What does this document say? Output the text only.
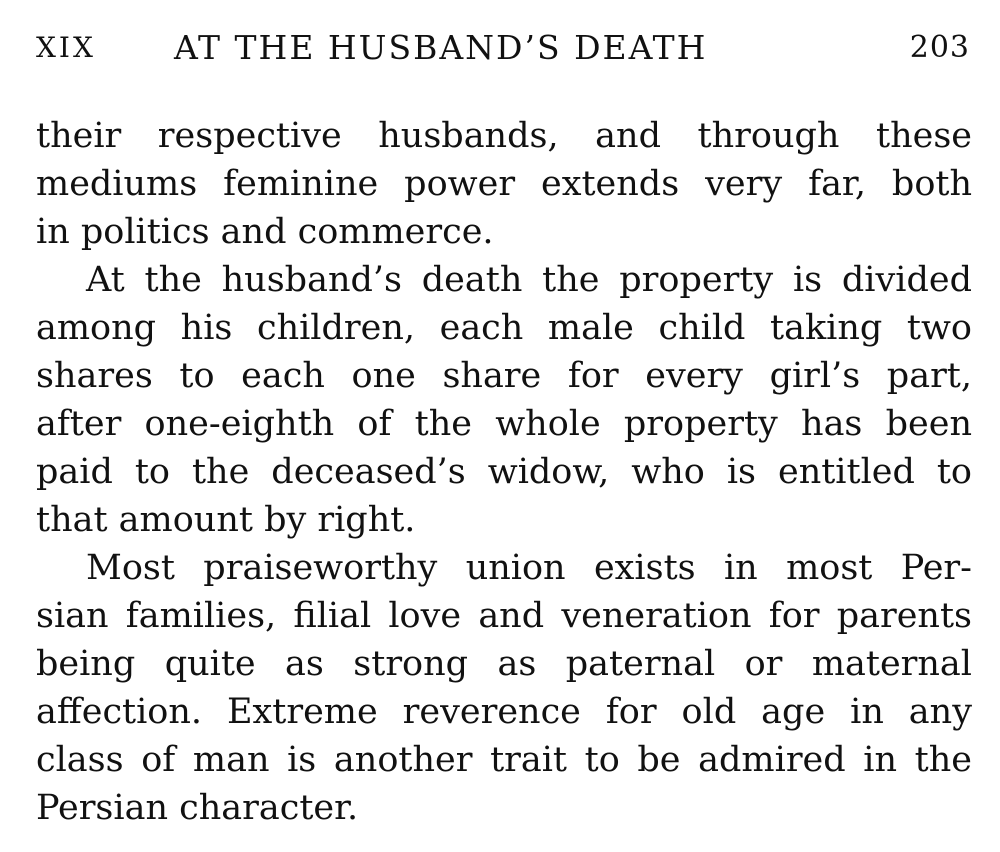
XIX AT THE HUSBAND’S DEATH	203
their respective husbands, and through these
mediums feminine power extends very far, both
in politics and commerce.
At the husband’s death the property is divided
among his children, each male child taking two
shares to each one share for every girl’s part,
after one-eighth of the whole property has been
paid to the deceased’s widow, who is entitled to
that amount by right.
Most praiseworthy union exists in most Per-
sian families, filial love and veneration for parents
being quite as strong as paternal or maternal
affection. Extreme reverence for old age in any
class of man is another trait to be admired in the
Persian character.
